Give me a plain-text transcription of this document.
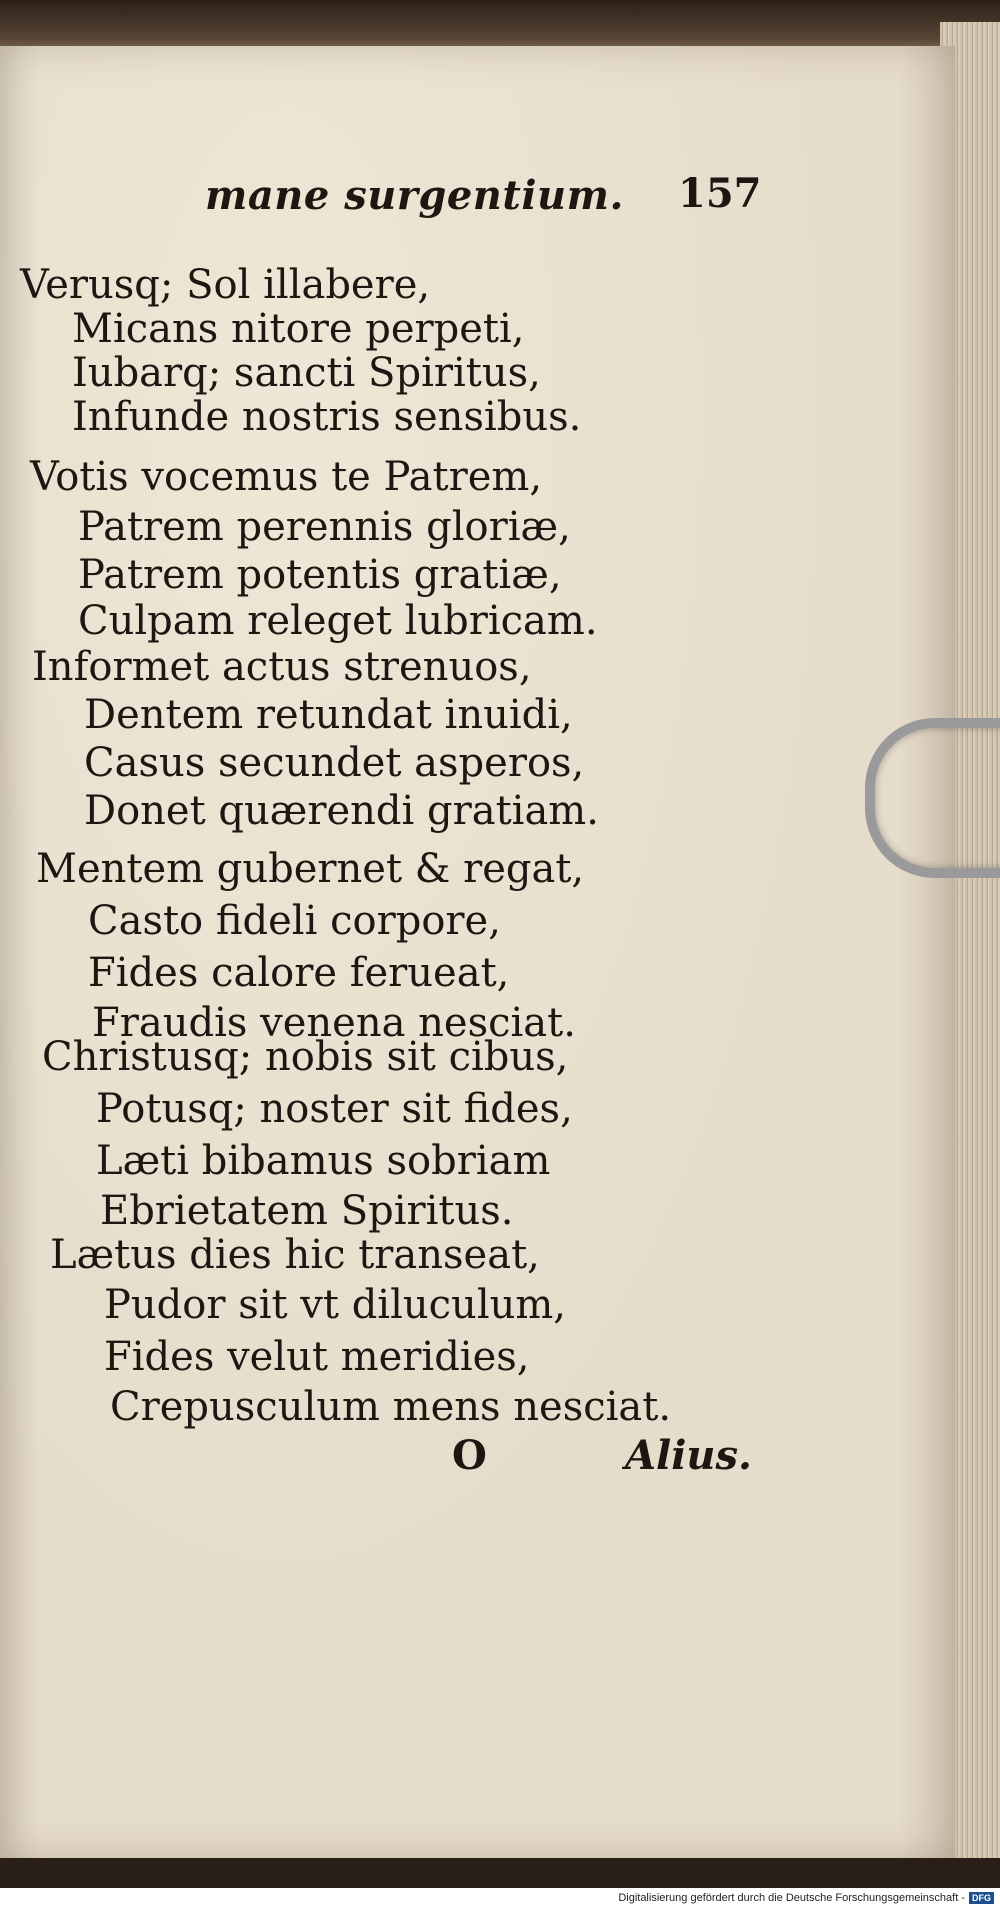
mane surgentium. 157
Verusq; Sol illabere,
Micans nitore perpeti,
Iubarq; sancti Spiritus,
Infunde nostris sensibus.
Votis vocemus te Patrem,
Patrem perennis gloriæ,
Patrem potentis gratiæ,
Culpam releget lubricam.
Informet actus strenuos,
Dentem retundat inuidi,
Casus secundet asperos,
Donet quærendi gratiam.
Mentem gubernet & regat,
Casto fideli corpore,
Fides calore ferueat,
Fraudis venena nesciat.
Christusq; nobis sit cibus,
Potusq; noster sit fides,
Læti bibamus sobriam
Ebrietatem Spiritus.
Lætus dies hic transeat,
Pudor sit vt diluculum,
Fides velut meridies,
Crepusculum mens nesciat.
O	Alius.
Digitalisierung gefördert durch die Deutsche Forschungsgemeinschaft - DFG
